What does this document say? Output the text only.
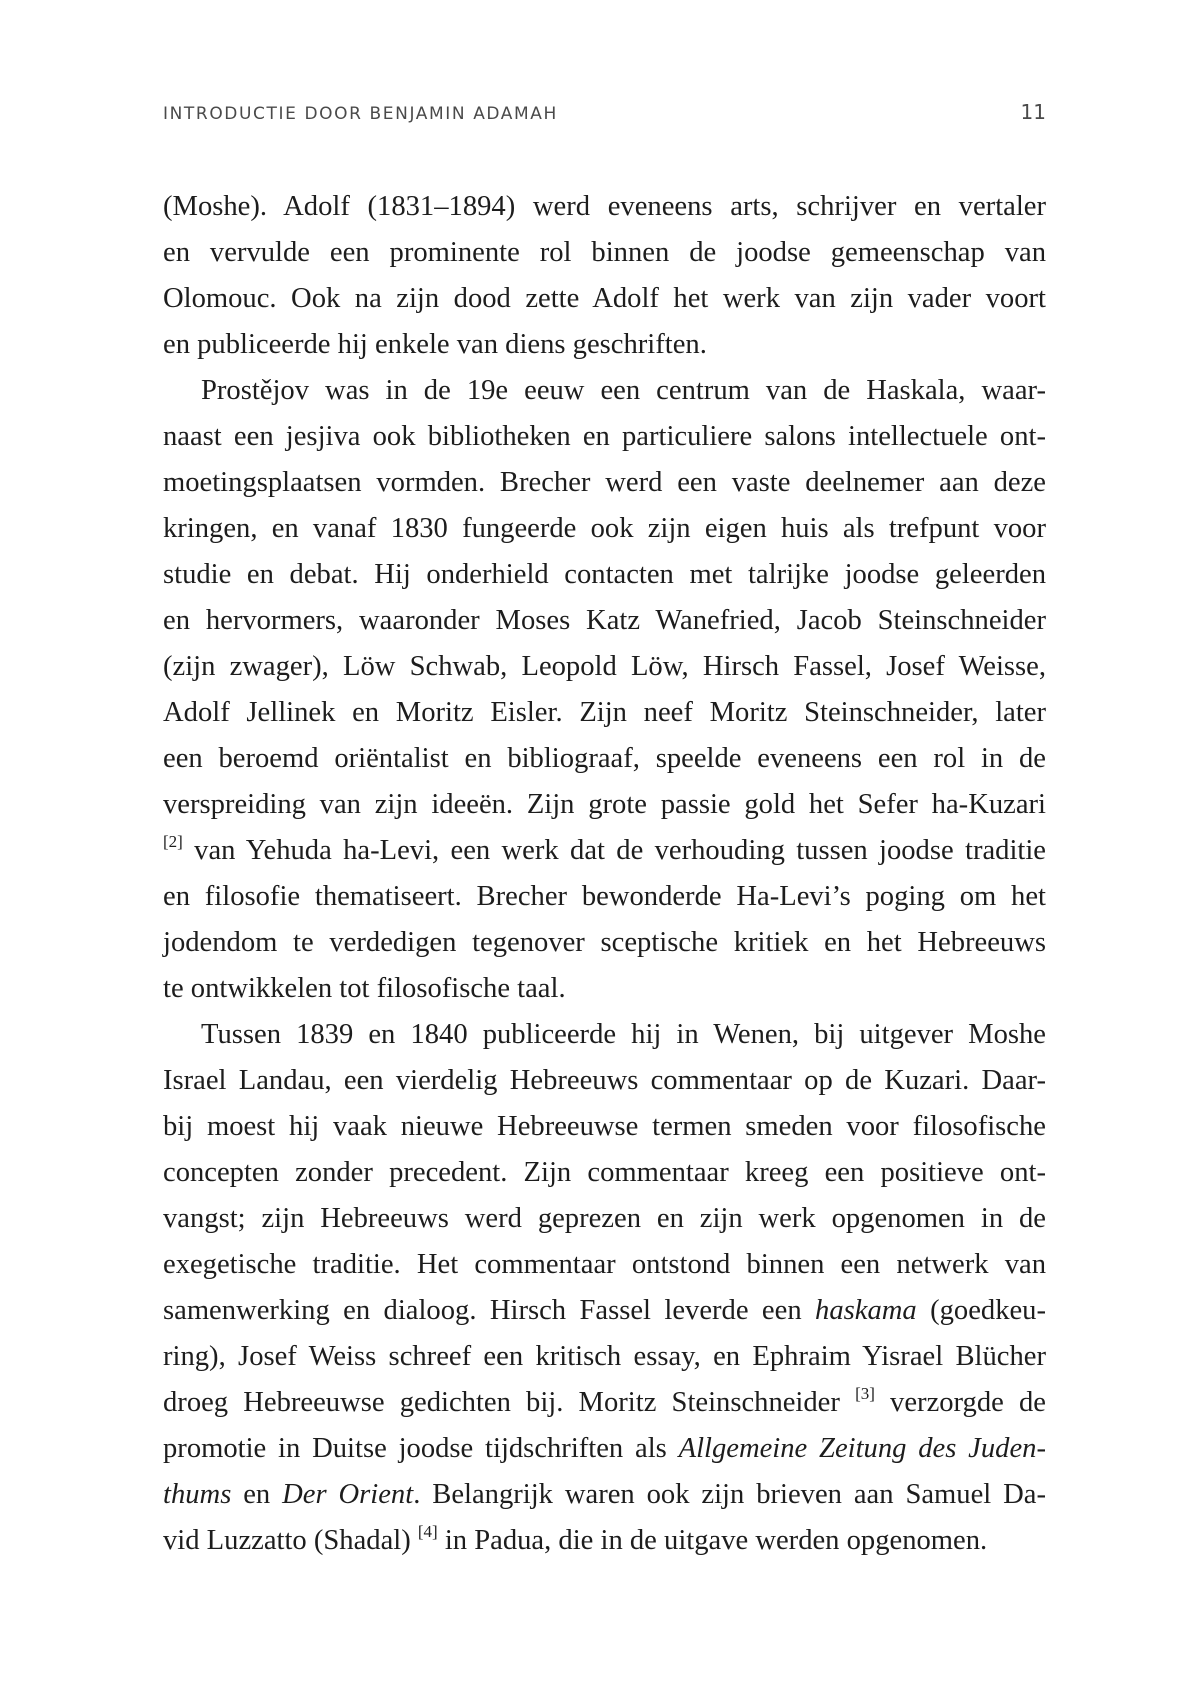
INTRODUCTIE DOOR BENJAMIN ADAMAH	11
(Moshe). Adolf (1831–1894) werd eveneens arts, schrijver en vertaler
en vervulde een prominente rol binnen de joodse gemeenschap van
Olomouc. Ook na zijn dood zette Adolf het werk van zijn vader voort
en publiceerde hij enkele van diens geschriften.
Prostějov was in de 19e eeuw een centrum van de Haskala, waar-
naast een jesjiva ook bibliotheken en particuliere salons intellectuele ont-
moetingsplaatsen vormden. Brecher werd een vaste deelnemer aan deze
kringen, en vanaf 1830 fungeerde ook zijn eigen huis als trefpunt voor
studie en debat. Hij onderhield contacten met talrijke joodse geleerden
en hervormers, waaronder Moses Katz Wanefried, Jacob Steinschneider
(zijn zwager), Löw Schwab, Leopold Löw, Hirsch Fassel, Josef Weisse,
Adolf Jellinek en Moritz Eisler. Zijn neef Moritz Steinschneider, later
een beroemd oriëntalist en bibliograaf, speelde eveneens een rol in de
verspreiding van zijn ideeën. Zijn grote passie gold het Sefer ha-Kuzari
[2] van Yehuda ha-Levi, een werk dat de verhouding tussen joodse traditie
en filosofie thematiseert. Brecher bewonderde Ha-Levi’s poging om het
jodendom te verdedigen tegenover sceptische kritiek en het Hebreeuws
te ontwikkelen tot filosofische taal.
Tussen 1839 en 1840 publiceerde hij in Wenen, bij uitgever Moshe
Israel Landau, een vierdelig Hebreeuws commentaar op de Kuzari. Daar-
bij moest hij vaak nieuwe Hebreeuwse termen smeden voor filosofische
concepten zonder precedent. Zijn commentaar kreeg een positieve ont-
vangst; zijn Hebreeuws werd geprezen en zijn werk opgenomen in de
exegetische traditie. Het commentaar ontstond binnen een netwerk van
samenwerking en dialoog. Hirsch Fassel leverde een haskama (goedkeu-
ring), Josef Weiss schreef een kritisch essay, en Ephraim Yisrael Blücher
droeg Hebreeuwse gedichten bij. Moritz Steinschneider [3] verzorgde de
promotie in Duitse joodse tijdschriften als Allgemeine Zeitung des Juden-
thums en Der Orient. Belangrijk waren ook zijn brieven aan Samuel Da-
vid Luzzatto (Shadal) [4] in Padua, die in de uitgave werden opgenomen.
